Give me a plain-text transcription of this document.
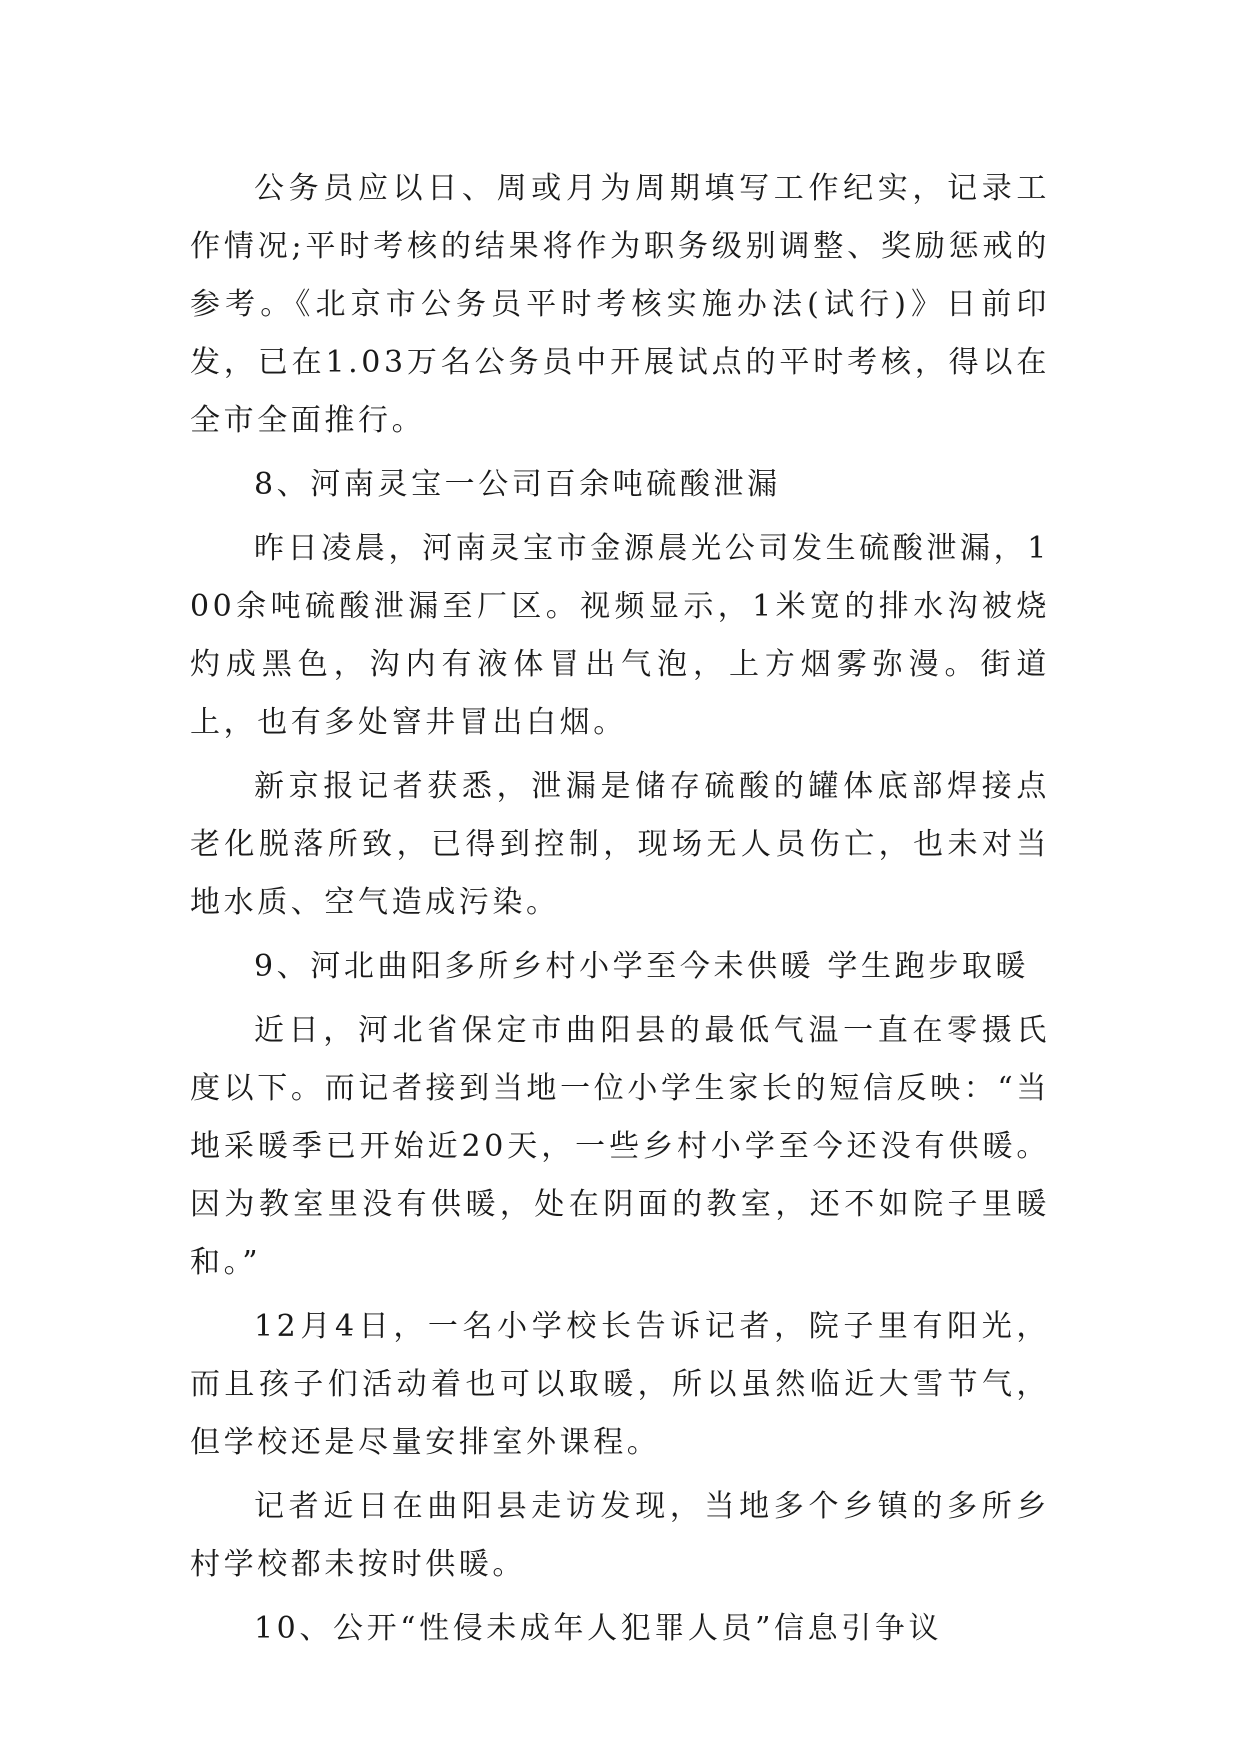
公务员应以日、周或月为周期填写工作纪实，记录工作情况;平时考核的结果将作为职务级别调整、奖励惩戒的参考。《北京市公务员平时考核实施办法(试行)》日前印发，已在1.03万名公务员中开展试点的平时考核，得以在全市全面推行。

8、河南灵宝一公司百余吨硫酸泄漏

昨日凌晨，河南灵宝市金源晨光公司发生硫酸泄漏，100余吨硫酸泄漏至厂区。视频显示，1米宽的排水沟被烧灼成黑色，沟内有液体冒出气泡，上方烟雾弥漫。街道上，也有多处窨井冒出白烟。

新京报记者获悉，泄漏是储存硫酸的罐体底部焊接点老化脱落所致，已得到控制，现场无人员伤亡，也未对当地水质、空气造成污染。

9、河北曲阳多所乡村小学至今未供暖 学生跑步取暖

近日，河北省保定市曲阳县的最低气温一直在零摄氏度以下。而记者接到当地一位小学生家长的短信反映：“当地采暖季已开始近20天，一些乡村小学至今还没有供暖。因为教室里没有供暖，处在阴面的教室，还不如院子里暖和。”

12月4日，一名小学校长告诉记者，院子里有阳光，而且孩子们活动着也可以取暖，所以虽然临近大雪节气，但学校还是尽量安排室外课程。

记者近日在曲阳县走访发现，当地多个乡镇的多所乡村学校都未按时供暖。

10、公开“性侵未成年人犯罪人员”信息引争议
